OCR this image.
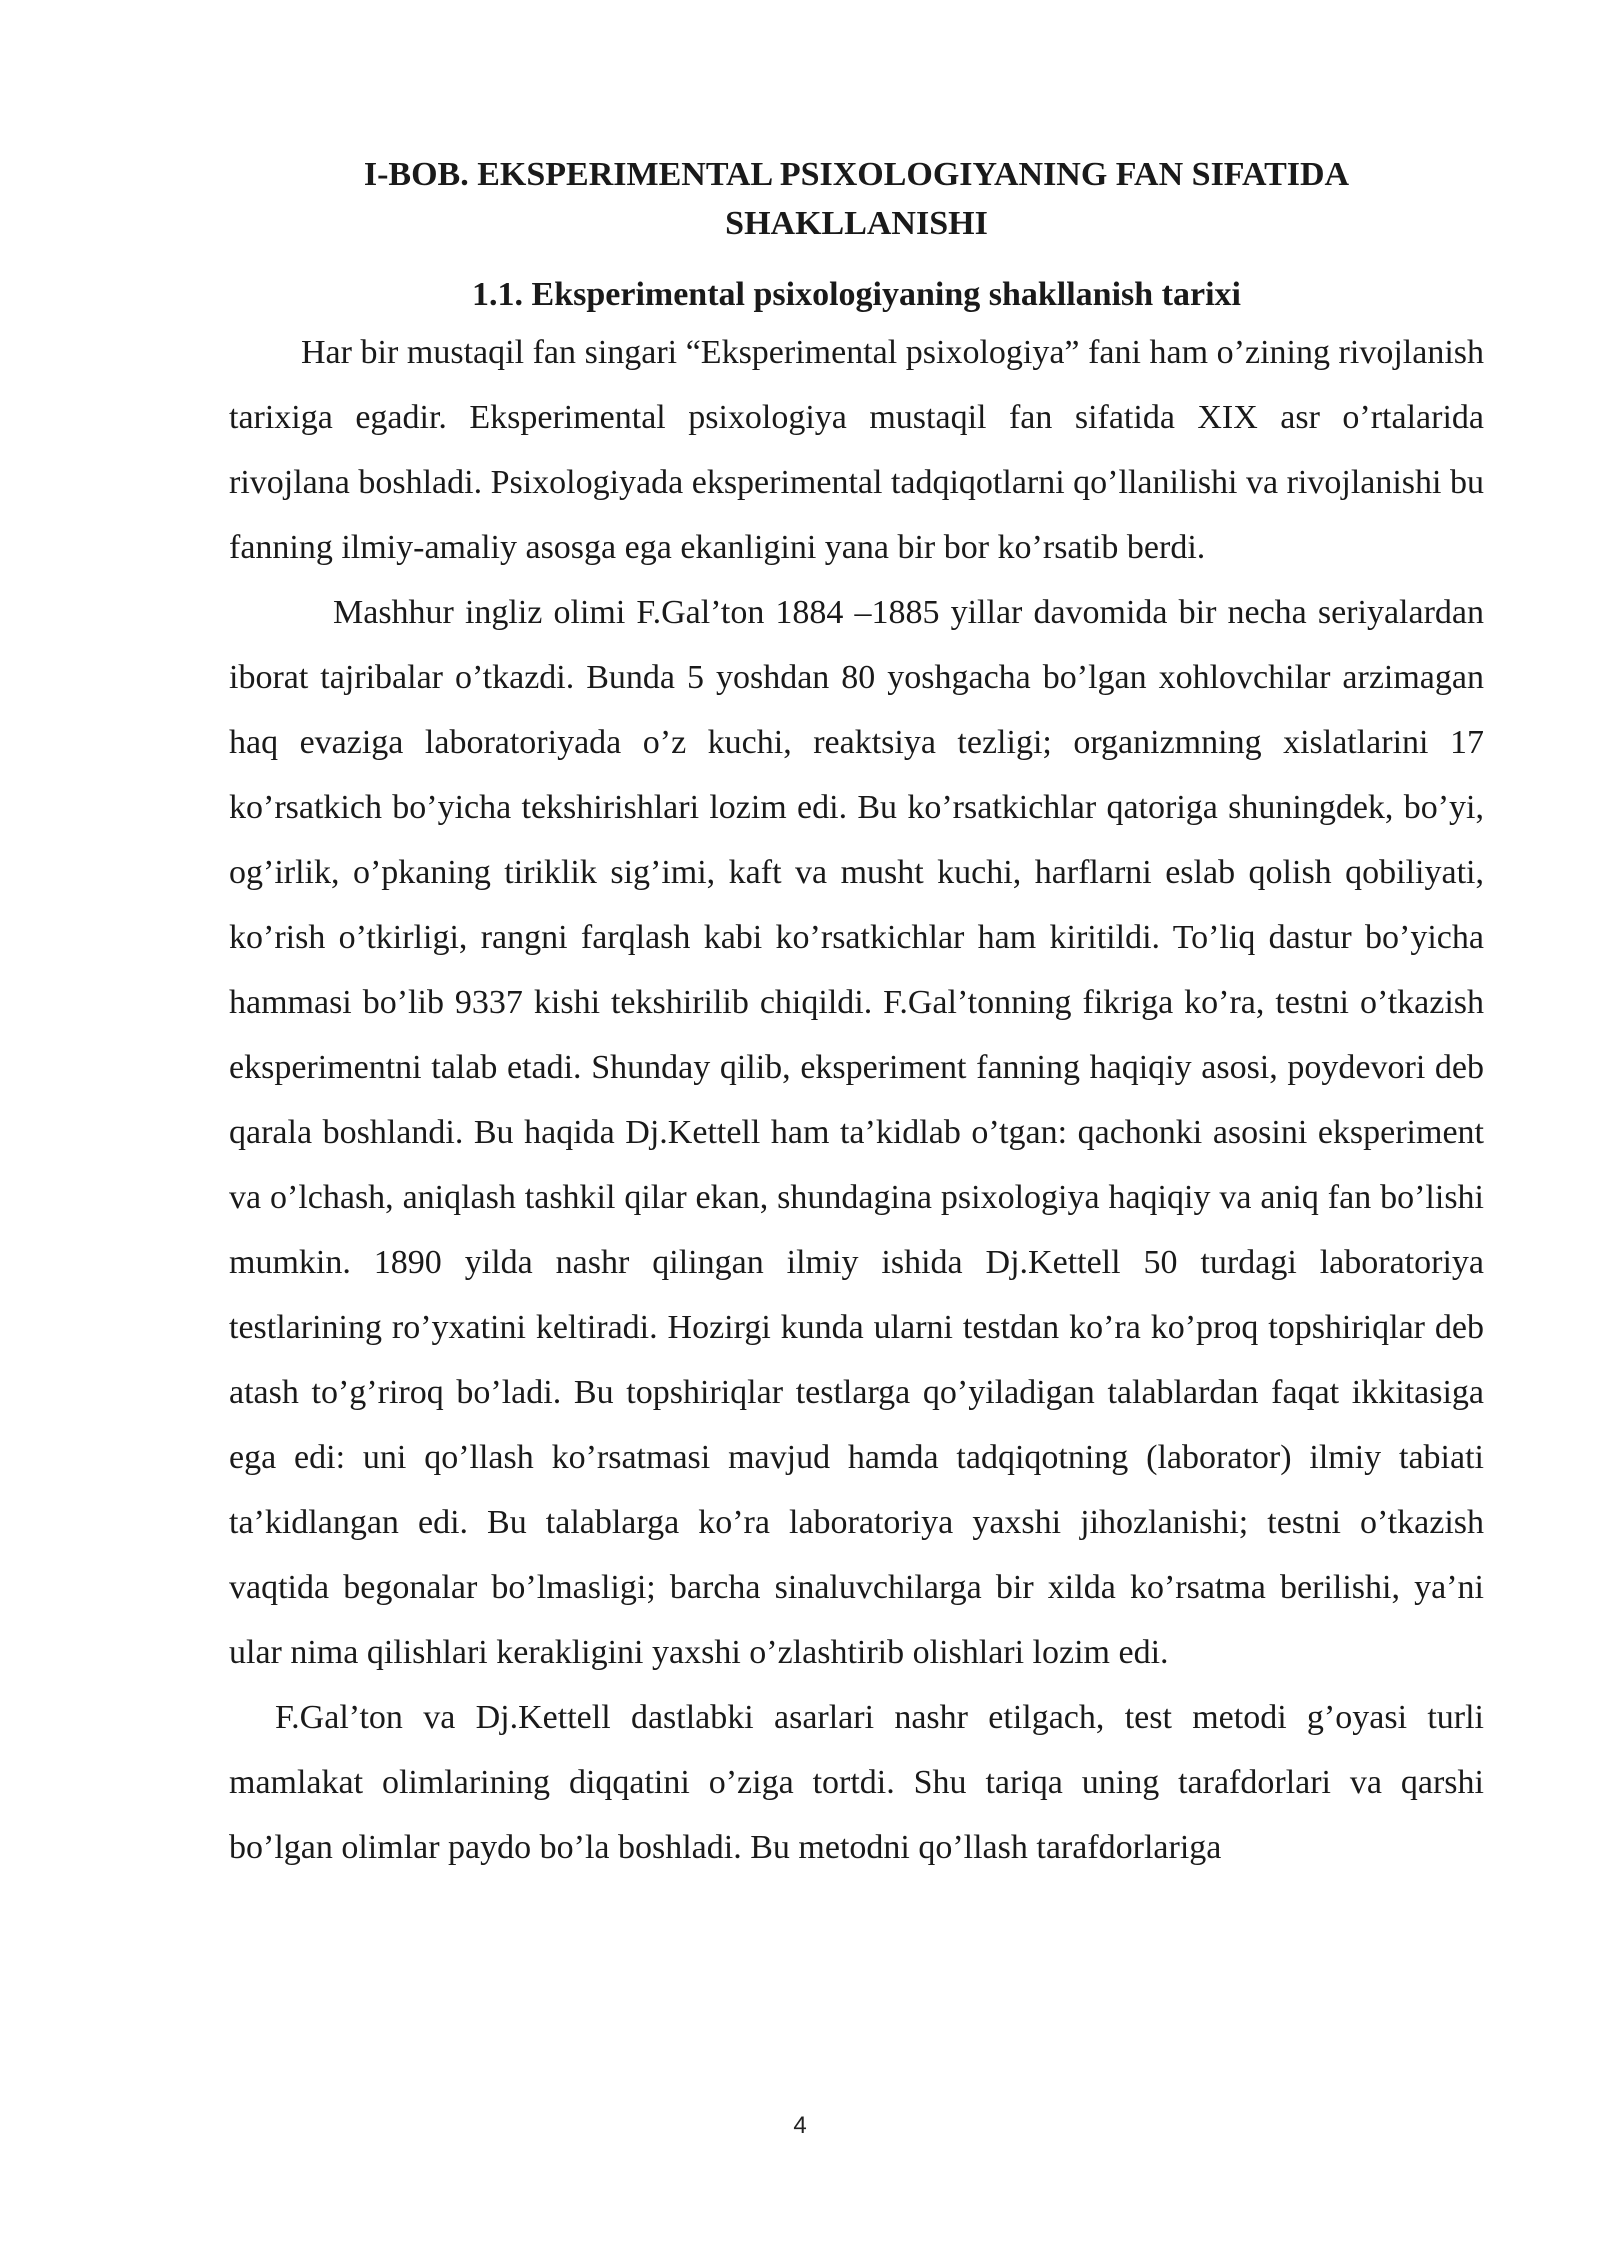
I-BOB. EKSPERIMENTAL PSIXOLOGIYANING FAN SIFATIDA SHAKLLANISHI
1.1. Eksperimental psixologiyaning shakllanish tarixi

Har bir mustaqil fan singari “Eksperimental psixologiya” fani ham o’zining rivojlanish tarixiga egadir. Eksperimental psixologiya mustaqil fan sifatida XIX asr o’rtalarida rivojlana boshladi. Psixologiyada eksperimental tadqiqotlarni qo’llanilishi va rivojlanishi bu fanning ilmiy-amaliy asosga ega ekanligini yana bir bor ko’rsatib berdi.

Mashhur ingliz olimi F.Gal’ton 1884 –1885 yillar davomida bir necha seriyalardan iborat tajribalar o’tkazdi. Bunda 5 yoshdan 80 yoshgacha bo’lgan xohlovchilar arzimagan haq evaziga laboratoriyada o’z kuchi, reaktsiya tezligi; organizmning xislatlarini 17 ko’rsatkich bo’yicha tekshirishlari lozim edi. Bu ko’rsatkichlar qatoriga shuningdek, bo’yi, og’irlik, o’pkaning tiriklik sig’imi, kaft va musht kuchi, harflarni eslab qolish qobiliyati, ko’rish o’tkirligi, rangni farqlash kabi ko’rsatkichlar ham kiritildi. To’liq dastur bo’yicha hammasi bo’lib 9337 kishi tekshirilib chiqildi. F.Gal’tonning fikriga ko’ra, testni o’tkazish eksperimentni talab etadi. Shunday qilib, eksperiment fanning haqiqiy asosi, poydevori deb qarala boshlandi. Bu haqida Dj.Kettell ham ta’kidlab o’tgan: qachonki asosini eksperiment va o’lchash, aniqlash tashkil qilar ekan, shundagina psixologiya haqiqiy va aniq fan bo’lishi mumkin. 1890 yilda nashr qilingan ilmiy ishida Dj.Kettell 50 turdagi laboratoriya testlarining ro’yxatini keltiradi. Hozirgi kunda ularni testdan ko’ra ko’proq topshiriqlar deb atash to’g’riroq bo’ladi. Bu topshiriqlar testlarga qo’yiladigan talablardan faqat ikkitasiga ega edi: uni qo’llash ko’rsatmasi mavjud hamda tadqiqotning (laborator) ilmiy tabiati ta’kidlangan edi. Bu talablarga ko’ra laboratoriya yaxshi jihozlanishi; testni o’tkazish vaqtida begonalar bo’lmasligi; barcha sinaluvchilarga bir xilda ko’rsatma berilishi, ya’ni ular nima qilishlari kerakligini yaxshi o’zlashtirib olishlari lozim edi.

F.Gal’ton va Dj.Kettell dastlabki asarlari nashr etilgach, test metodi g’oyasi turli mamlakat olimlarining diqqatini o’ziga tortdi. Shu tariqa uning tarafdorlari va qarshi bo’lgan olimlar paydo bo’la boshladi. Bu metodni qo’llash tarafdorlariga

4
